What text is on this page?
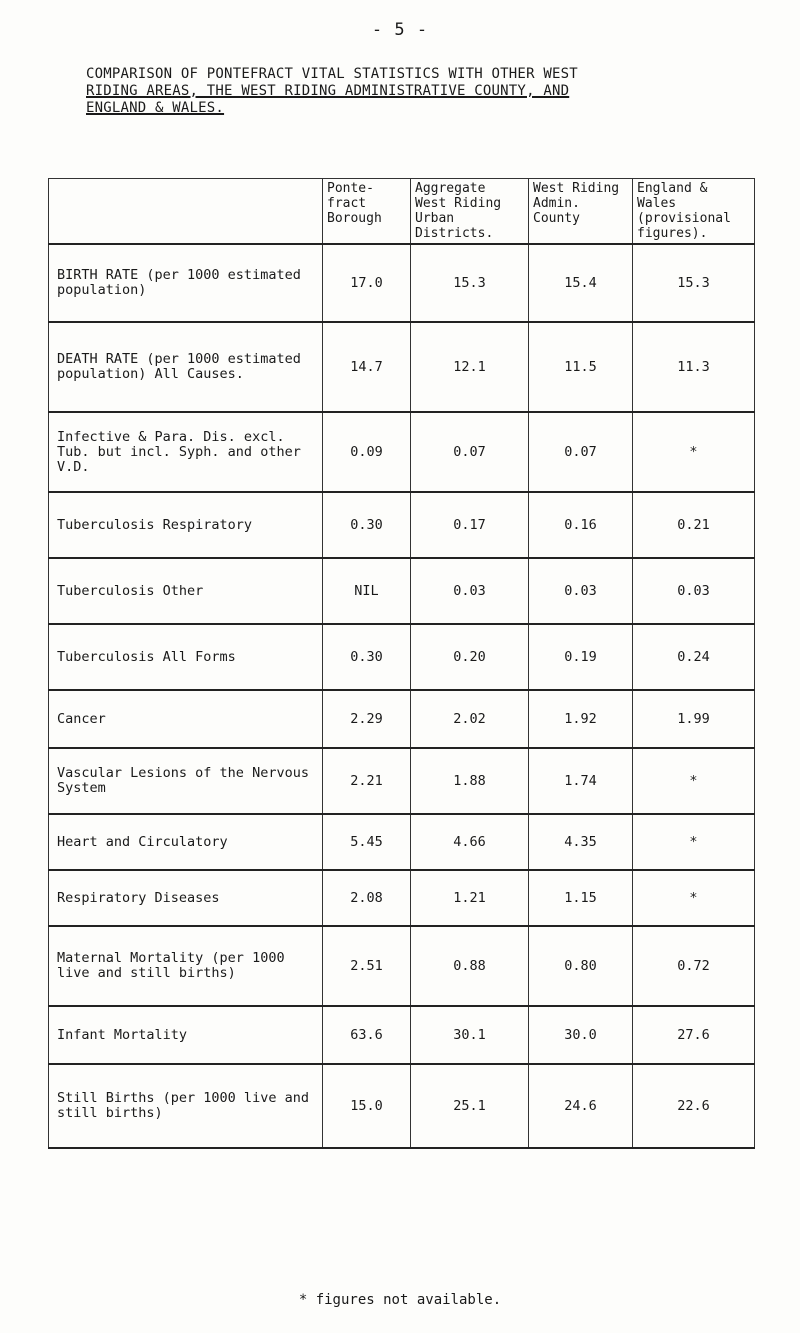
- 5 -
COMPARISON OF PONTEFRACT VITAL STATISTICS WITH OTHER WEST
RIDING AREAS, THE WEST RIDING ADMINISTRATIVE COUNTY, AND
ENGLAND & WALES.
	Ponte-fract Borough	Aggregate West Riding Urban Districts.	West Riding Admin. County	England & Wales (provisional figures).
BIRTH RATE (per 1000 estimated population)	17.0	15.3	15.4	15.3
DEATH RATE (per 1000 estimated population) All Causes.	14.7	12.1	11.5	11.3
Infective & Para. Dis. excl. Tub. but incl. Syph. and other V.D.	0.09	0.07	0.07	*
Tuberculosis Respiratory	0.30	0.17	0.16	0.21
Tuberculosis Other	NIL	0.03	0.03	0.03
Tuberculosis All Forms	0.30	0.20	0.19	0.24
Cancer	2.29	2.02	1.92	1.99
Vascular Lesions of the Nervous System	2.21	1.88	1.74	*
Heart and Circulatory	5.45	4.66	4.35	*
Respiratory Diseases	2.08	1.21	1.15	*
Maternal Mortality (per 1000 live and still births)	2.51	0.88	0.80	0.72
Infant Mortality	63.6	30.1	30.0	27.6
Still Births (per 1000 live and still births)	15.0	25.1	24.6	22.6
* figures not available.
